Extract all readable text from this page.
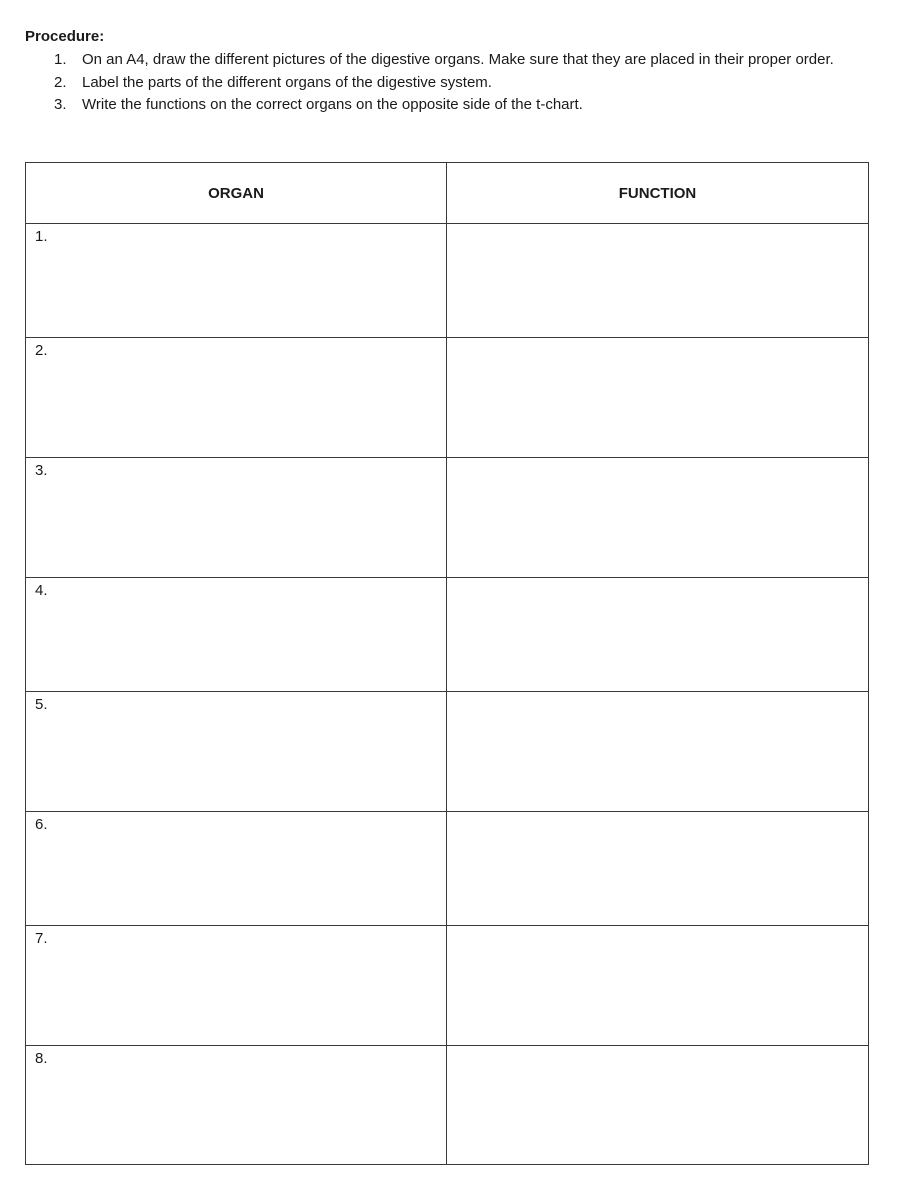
Procedure:
1.	On an A4, draw the different pictures of the digestive organs. Make sure that they are placed in their proper order.
2.	Label the parts of the different organs of the digestive system.
3.	Write the functions on the correct organs on the opposite side of the t-chart.
ORGAN	FUNCTION

1.	

2.	

3.	

4.	

5.	

6.	

7.	

8.	
